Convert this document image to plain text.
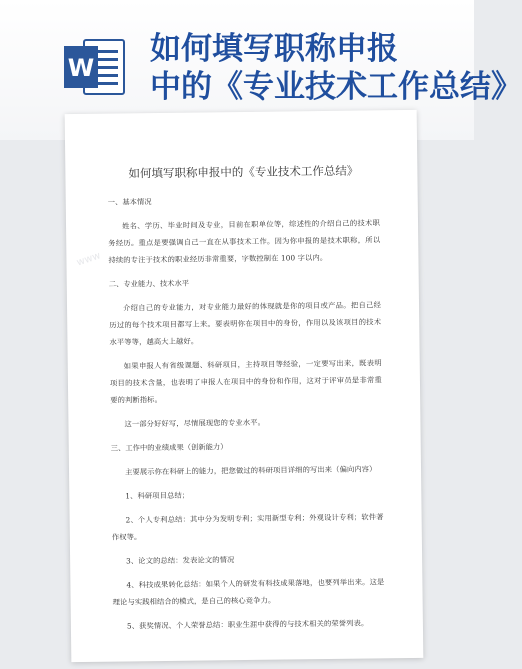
W
如何填写职称申报
中的《专业技术工作总结》
www
如何填写职称申报中的《专业技术工作总结》
一、基本情况
姓名、学历、毕业时间及专业，目前在职单位等，综述性的介绍自己的技术职务经历。重点是要强调自己一直在从事技术工作。因为你申报的是技术职称，所以持续的专注于技术的职业经历非常重要，字数控制在 100 字以内。
二、专业能力、技术水平
介绍自己的专业能力，对专业能力最好的体现就是你的项目或产品。把自己经历过的每个技术项目都写上来。要表明你在项目中的身份，作用以及该项目的技术水平等等，越高大上越好。
如果申报人有省级课题、科研项目，主持项目等经验，一定要写出来，既表明项目的技术含量，也表明了申报人在项目中的身份和作用，这对于评审员是非常重要的判断指标。
这一部分好好写，尽情展现您的专业水平。
三、工作中的业绩成果（创新能力）
主要展示你在科研上的能力，把您做过的科研项目详细的写出来（偏向内容）
1、科研项目总结；
2、个人专利总结：其中分为发明专利；实用新型专利；外观设计专利；软件著作权等。
3、论文的总结：发表论文的情况
4、科技成果转化总结：如果个人的研发有科技成果落地，也要列举出来。这是理论与实践相结合的模式，是自己的核心竞争力。
5、获奖情况、个人荣誉总结：职业生涯中获得的与技术相关的荣誉列表。
